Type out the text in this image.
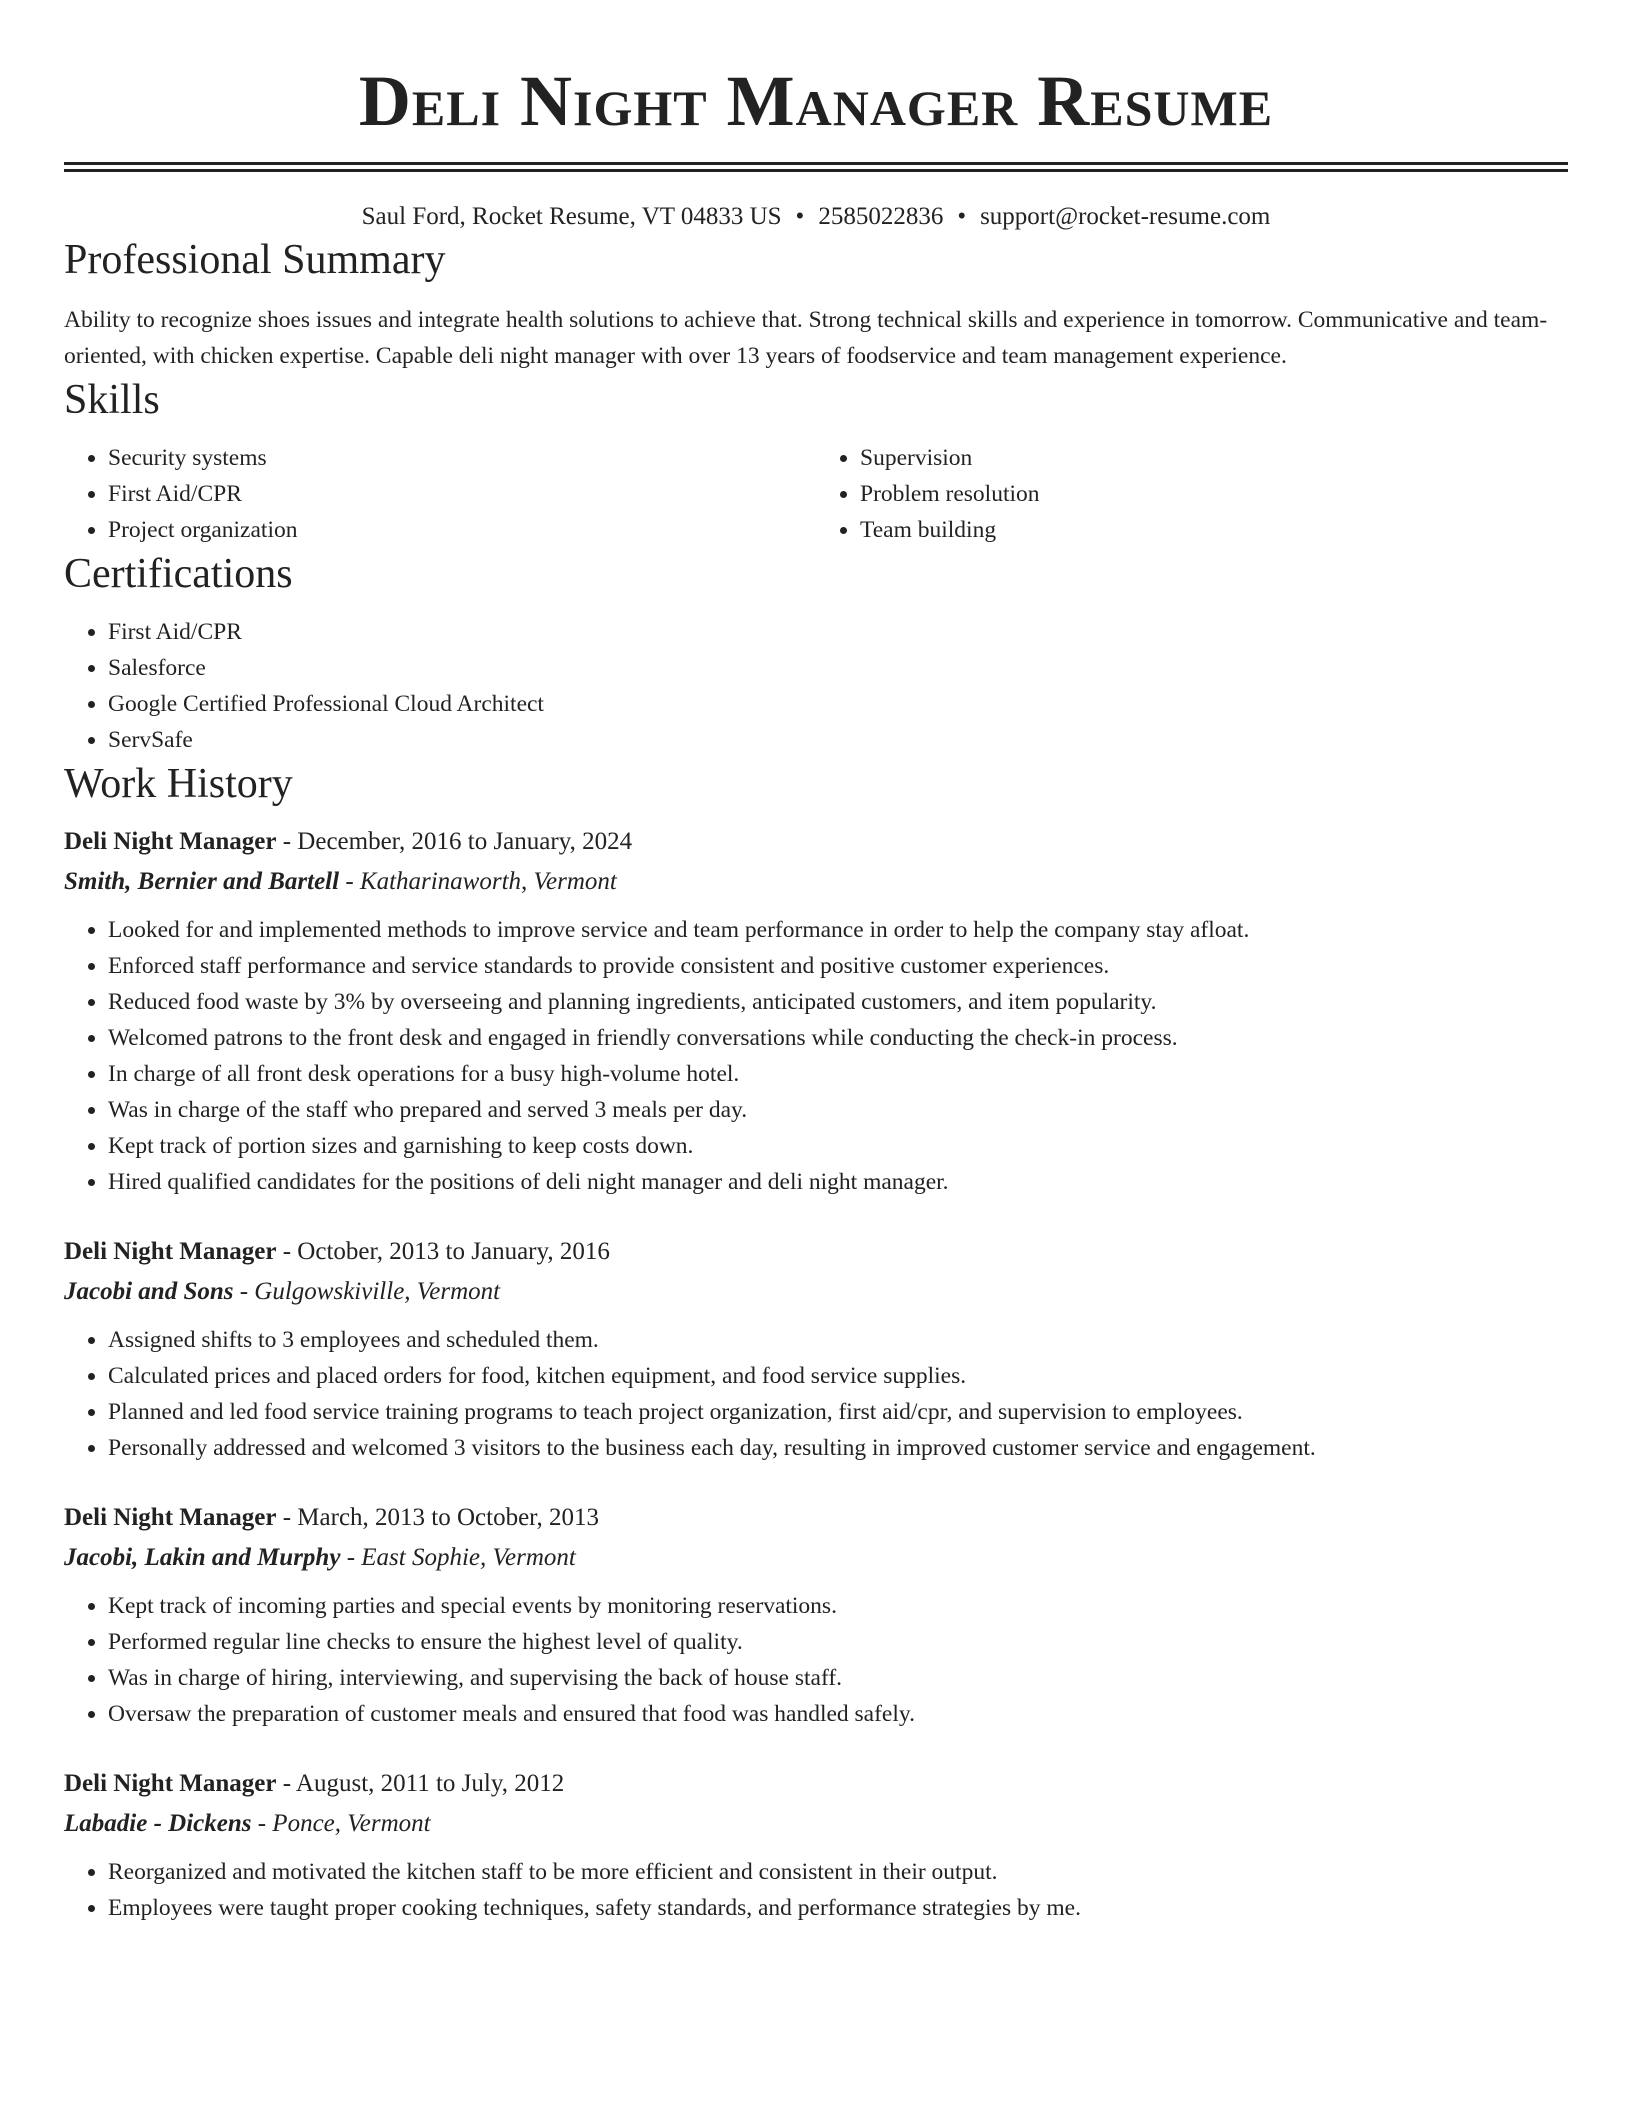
Deli Night Manager Resume
Saul Ford, Rocket Resume, VT 04833 US • 2585022836 • support@rocket-resume.com
Professional Summary

Ability to recognize shoes issues and integrate health solutions to achieve that. Strong technical skills and experience in tomorrow. Communicative and team-oriented, with chicken expertise. Capable deli night manager with over 13 years of foodservice and team management experience.

Skills
• Security systems
• First Aid/CPR
• Project organization
• Supervision
• Problem resolution
• Team building
Certifications
• First Aid/CPR
• Salesforce
• Google Certified Professional Cloud Architect
• ServSafe
Work History
Deli Night Manager - December, 2016 to January, 2024
Smith, Bernier and Bartell - Katharinaworth, Vermont
• Looked for and implemented methods to improve service and team performance in order to help the company stay afloat.
• Enforced staff performance and service standards to provide consistent and positive customer experiences.
• Reduced food waste by 3% by overseeing and planning ingredients, anticipated customers, and item popularity.
• Welcomed patrons to the front desk and engaged in friendly conversations while conducting the check-in process.
• In charge of all front desk operations for a busy high-volume hotel.
• Was in charge of the staff who prepared and served 3 meals per day.
• Kept track of portion sizes and garnishing to keep costs down.
• Hired qualified candidates for the positions of deli night manager and deli night manager.
Deli Night Manager - October, 2013 to January, 2016
Jacobi and Sons - Gulgowskiville, Vermont
• Assigned shifts to 3 employees and scheduled them.
• Calculated prices and placed orders for food, kitchen equipment, and food service supplies.
• Planned and led food service training programs to teach project organization, first aid/cpr, and supervision to employees.
• Personally addressed and welcomed 3 visitors to the business each day, resulting in improved customer service and engagement.
Deli Night Manager - March, 2013 to October, 2013
Jacobi, Lakin and Murphy - East Sophie, Vermont
• Kept track of incoming parties and special events by monitoring reservations.
• Performed regular line checks to ensure the highest level of quality.
• Was in charge of hiring, interviewing, and supervising the back of house staff.
• Oversaw the preparation of customer meals and ensured that food was handled safely.
Deli Night Manager - August, 2011 to July, 2012
Labadie - Dickens - Ponce, Vermont
• Reorganized and motivated the kitchen staff to be more efficient and consistent in their output.
• Employees were taught proper cooking techniques, safety standards, and performance strategies by me.
